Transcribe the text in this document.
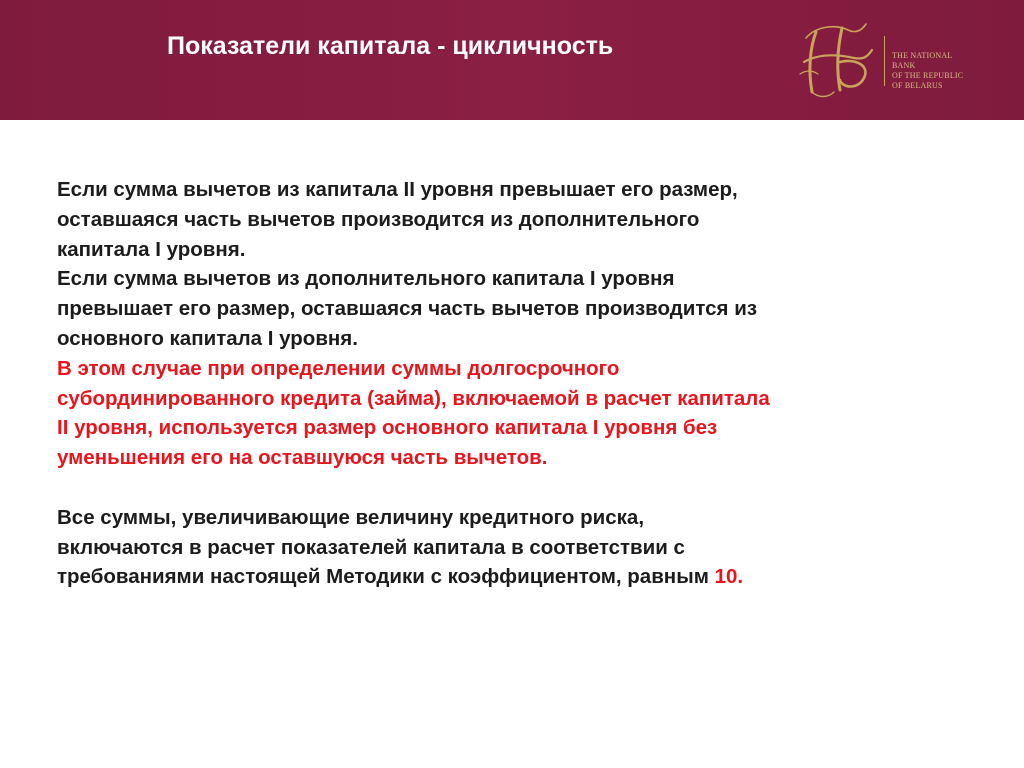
Показатели капитала - цикличность	THE NATIONAL
BANK
OF THE REPUBLIC
OF BELARUS
Если сумма вычетов из капитала II уровня превышает его размер,
оставшаяся часть вычетов производится из дополнительного
капитала I уровня.
Если сумма вычетов из дополнительного капитала I уровня
превышает его размер, оставшаяся часть вычетов производится из
основного капитала I уровня.
В этом случае при определении суммы долгосрочного
субординированного кредита (займа), включаемой в расчет капитала
II уровня, используется размер основного капитала I уровня без
уменьшения его на оставшуюся часть вычетов.
Все суммы, увеличивающие величину кредитного риска,
включаются в расчет показателей капитала в соответствии с
требованиями настоящей Методики с коэффициентом, равным 10.
